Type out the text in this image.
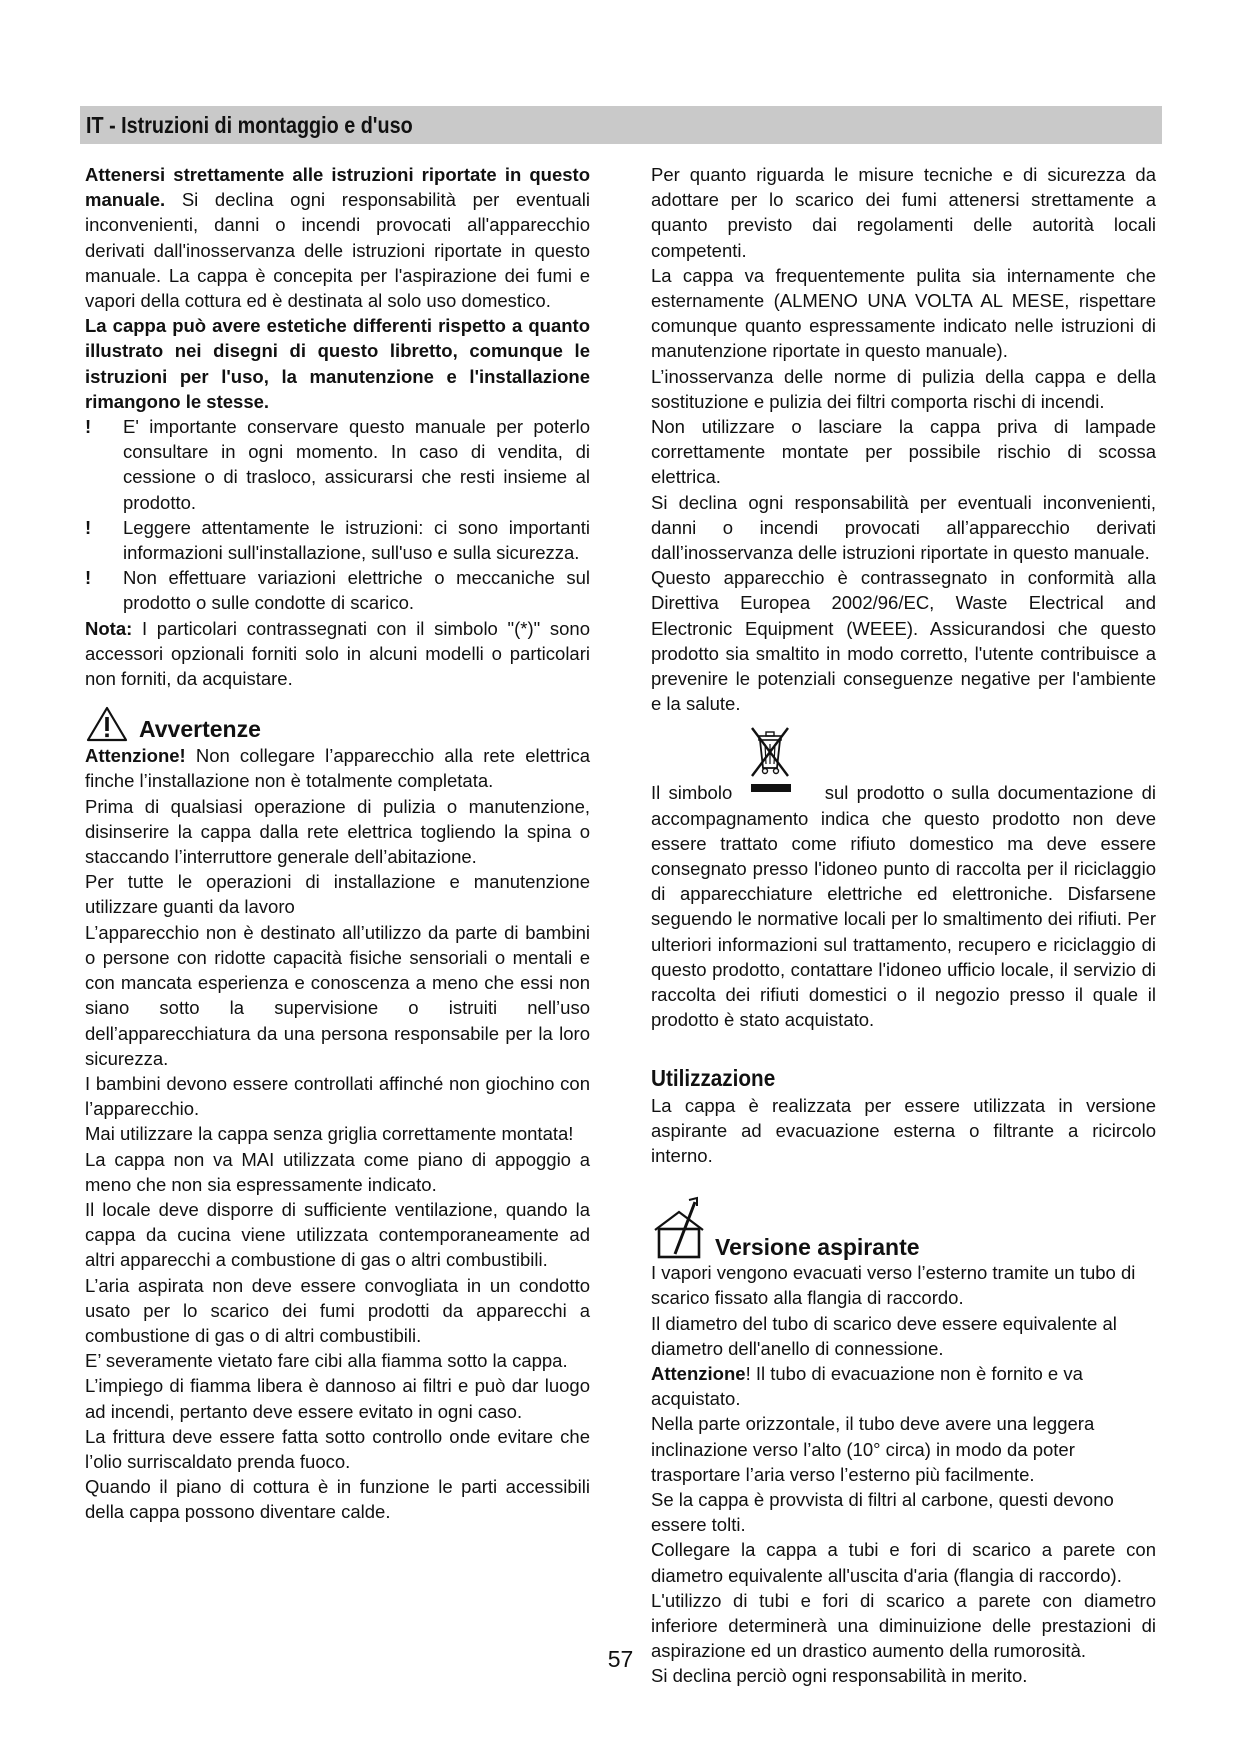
IT - Istruzioni di montaggio e d'uso

Attenersi strettamente alle istruzioni riportate in questo manuale. Si declina ogni responsabilità per eventuali inconvenienti, danni o incendi provocati all'apparecchio derivati dall'inosservanza delle istruzioni riportate in questo manuale. La cappa è concepita per l'aspirazione dei fumi e vapori della cottura ed è destinata al solo uso domestico.

La cappa può avere estetiche differenti rispetto a quanto illustrato nei disegni di questo libretto, comunque le istruzioni per l'uso, la manutenzione e l'installazione rimangono le stesse.

! E' importante conservare questo manuale per poterlo consultare in ogni momento. In caso di vendita, di cessione o di trasloco, assicurarsi che resti insieme al prodotto.

! Leggere attentamente le istruzioni: ci sono importanti informazioni sull'installazione, sull'uso e sulla sicurezza.

! Non effettuare variazioni elettriche o meccaniche sul prodotto o sulle condotte di scarico.

Nota: I particolari contrassegnati con il simbolo "(*)" sono accessori opzionali forniti solo in alcuni modelli o particolari non forniti, da acquistare.

Avvertenze

Attenzione! Non collegare l’apparecchio alla rete elettrica finche l’installazione non è totalmente completata.

Prima di qualsiasi operazione di pulizia o manutenzione, disinserire la cappa dalla rete elettrica togliendo la spina o staccando l’interruttore generale dell’abitazione.

Per tutte le operazioni di installazione e manutenzione utilizzare guanti da lavoro

L’apparecchio non è destinato all’utilizzo da parte di bambini o persone con ridotte capacità fisiche sensoriali o mentali e con mancata esperienza e conoscenza a meno che essi non siano sotto la supervisione o istruiti nell’uso dell’apparecchiatura da una persona responsabile per la loro sicurezza.

I bambini devono essere controllati affinché non giochino con l’apparecchio.

Mai utilizzare la cappa senza griglia correttamente montata!

La cappa non va MAI utilizzata come piano di appoggio a meno che non sia espressamente indicato.

Il locale deve disporre di sufficiente ventilazione, quando la cappa da cucina viene utilizzata contemporaneamente ad altri apparecchi a combustione di gas o altri combustibili.

L’aria aspirata non deve essere convogliata in un condotto usato per lo scarico dei fumi prodotti da apparecchi a combustione di gas o di altri combustibili.

E’ severamente vietato fare cibi alla fiamma sotto la cappa.

L’impiego di fiamma libera è dannoso ai filtri e può dar luogo ad incendi, pertanto deve essere evitato in ogni caso.

La frittura deve essere fatta sotto controllo onde evitare che l’olio surriscaldato prenda fuoco.

Quando il piano di cottura è in funzione le parti accessibili della cappa possono diventare calde.

Per quanto riguarda le misure tecniche e di sicurezza da adottare per lo scarico dei fumi attenersi strettamente a quanto previsto dai regolamenti delle autorità locali competenti.

La cappa va frequentemente pulita sia internamente che esternamente (ALMENO UNA VOLTA AL MESE, rispettare comunque quanto espressamente indicato nelle istruzioni di manutenzione riportate in questo manuale).

L’inosservanza delle norme di pulizia della cappa e della sostituzione e pulizia dei filtri comporta rischi di incendi.

Non utilizzare o lasciare la cappa priva di lampade correttamente montate per possibile rischio di scossa elettrica.

Si declina ogni responsabilità per eventuali inconvenienti, danni o incendi provocati all’apparecchio derivati dall’inosservanza delle istruzioni riportate in questo manuale.

Questo apparecchio è contrassegnato in conformità alla Direttiva Europea 2002/96/EC, Waste Electrical and Electronic Equipment (WEEE). Assicurandosi che questo prodotto sia smaltito in modo corretto, l'utente contribuisce a prevenire le potenziali conseguenze negative per l'ambiente e la salute.

Il simbolo	sul prodotto o sulla documentazione di accompagnamento indica che questo prodotto non deve essere trattato come rifiuto domestico ma deve essere consegnato presso l'idoneo punto di raccolta per il riciclaggio di apparecchiature elettriche ed elettroniche. Disfarsene seguendo le normative locali per lo smaltimento dei rifiuti. Per ulteriori informazioni sul trattamento, recupero e riciclaggio di questo prodotto, contattare l'idoneo ufficio locale, il servizio di raccolta dei rifiuti domestici o il negozio presso il quale il prodotto è stato acquistato.

Utilizzazione

La cappa è realizzata per essere utilizzata in versione aspirante ad evacuazione esterna o filtrante a ricircolo interno.

Versione aspirante

I vapori vengono evacuati verso l’esterno tramite un tubo di scarico fissato alla flangia di raccordo.

Il diametro del tubo di scarico deve essere equivalente al diametro dell'anello di connessione.

Attenzione! Il tubo di evacuazione non è fornito e va acquistato.

Nella parte orizzontale, il tubo deve avere una leggera inclinazione verso l’alto (10° circa) in modo da poter trasportare l’aria verso l’esterno più facilmente.

Se la cappa è provvista di filtri al carbone, questi devono essere tolti.

Collegare la cappa a tubi e fori di scarico a parete con diametro equivalente all'uscita d'aria (flangia di raccordo).

L'utilizzo di tubi e fori di scarico a parete con diametro inferiore determinerà una diminuizione delle prestazioni di aspirazione ed un drastico aumento della rumorosità.

Si declina perciò ogni responsabilità in merito.

57
